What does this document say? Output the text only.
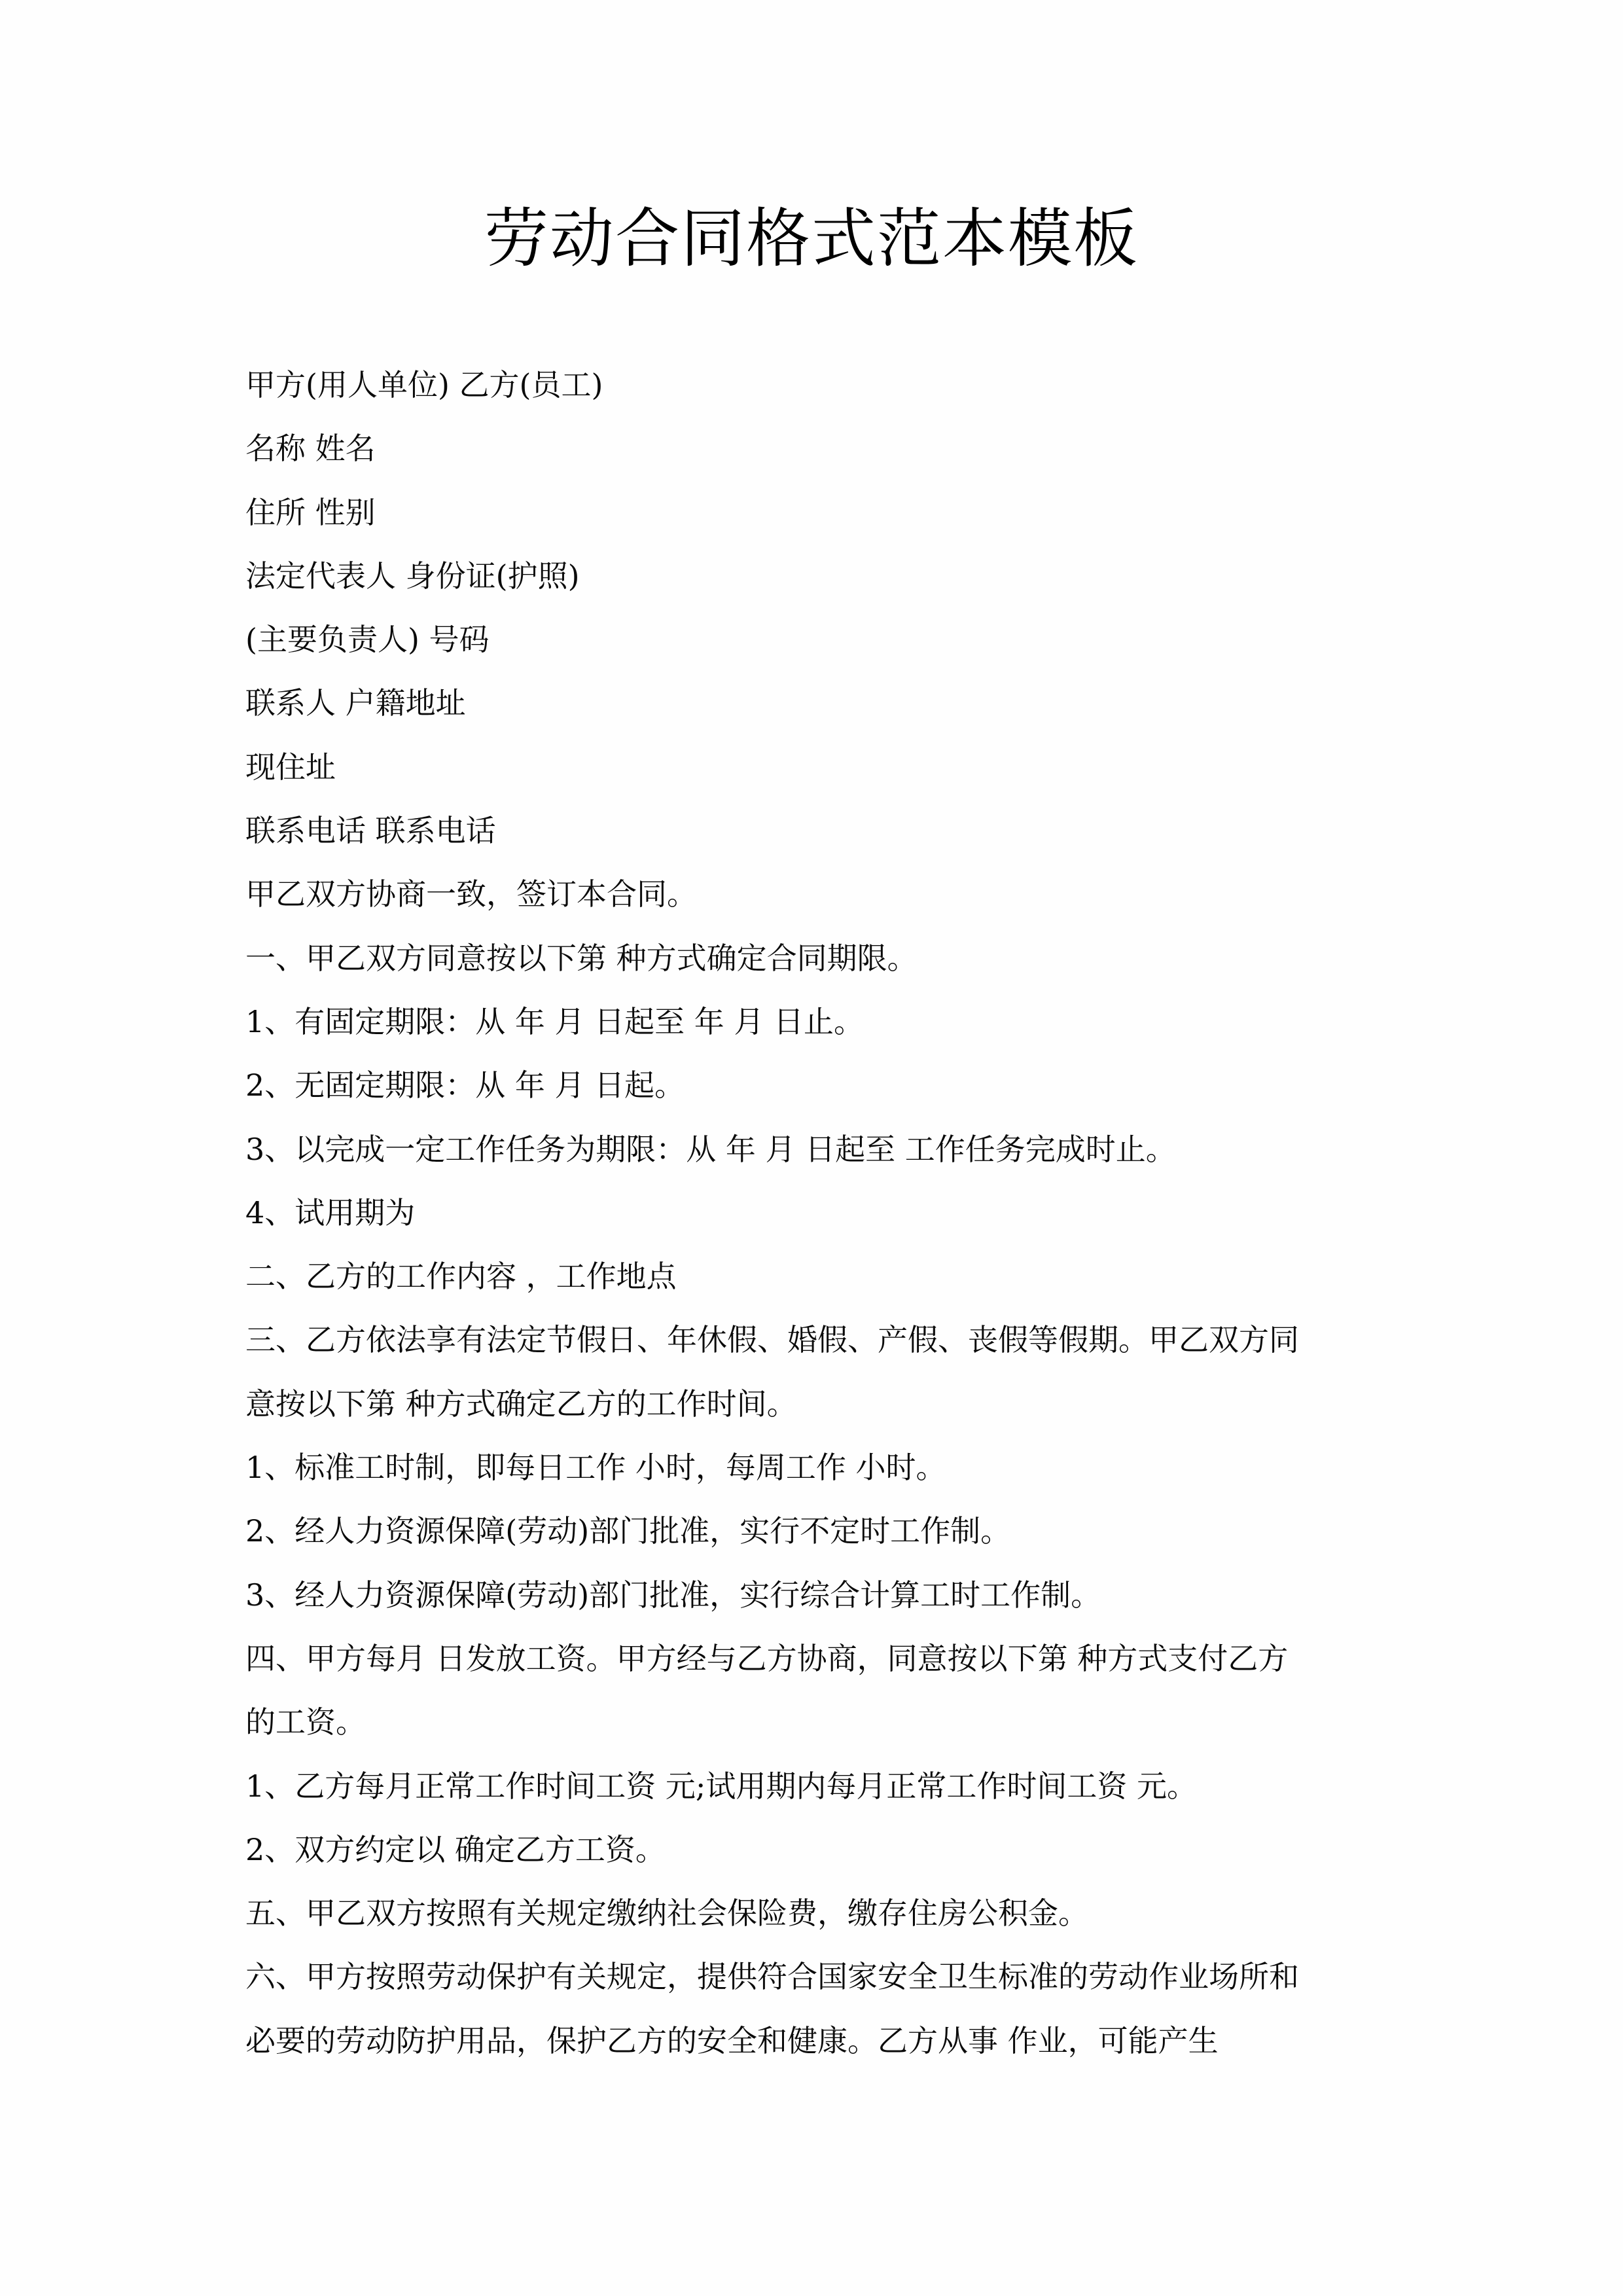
劳动合同格式范本模板
甲方(用人单位) 乙方(员工)
名称 姓名
住所 性别
法定代表人 身份证(护照)
(主要负责人) 号码
联系人 户籍地址
现住址
联系电话 联系电话
甲乙双方协商一致，签订本合同。
一、甲乙双方同意按以下第 种方式确定合同期限。
1、有固定期限：从 年 月 日起至 年 月 日止。
2、无固定期限：从 年 月 日起。
3、以完成一定工作任务为期限：从 年 月 日起至 工作任务完成时止。
4、试用期为
二、乙方的工作内容 ，工作地点
三、乙方依法享有法定节假日、年休假、婚假、产假、丧假等假期。甲乙双方同
意按以下第 种方式确定乙方的工作时间。
1、标准工时制，即每日工作 小时，每周工作 小时。
2、经人力资源保障(劳动)部门批准，实行不定时工作制。
3、经人力资源保障(劳动)部门批准，实行综合计算工时工作制。
四、甲方每月 日发放工资。甲方经与乙方协商，同意按以下第 种方式支付乙方
的工资。
1、乙方每月正常工作时间工资 元;试用期内每月正常工作时间工资 元。
2、双方约定以 确定乙方工资。
五、甲乙双方按照有关规定缴纳社会保险费，缴存住房公积金。
六、甲方按照劳动保护有关规定，提供符合国家安全卫生标准的劳动作业场所和
必要的劳动防护用品，保护乙方的安全和健康。乙方从事 作业，可能产生
